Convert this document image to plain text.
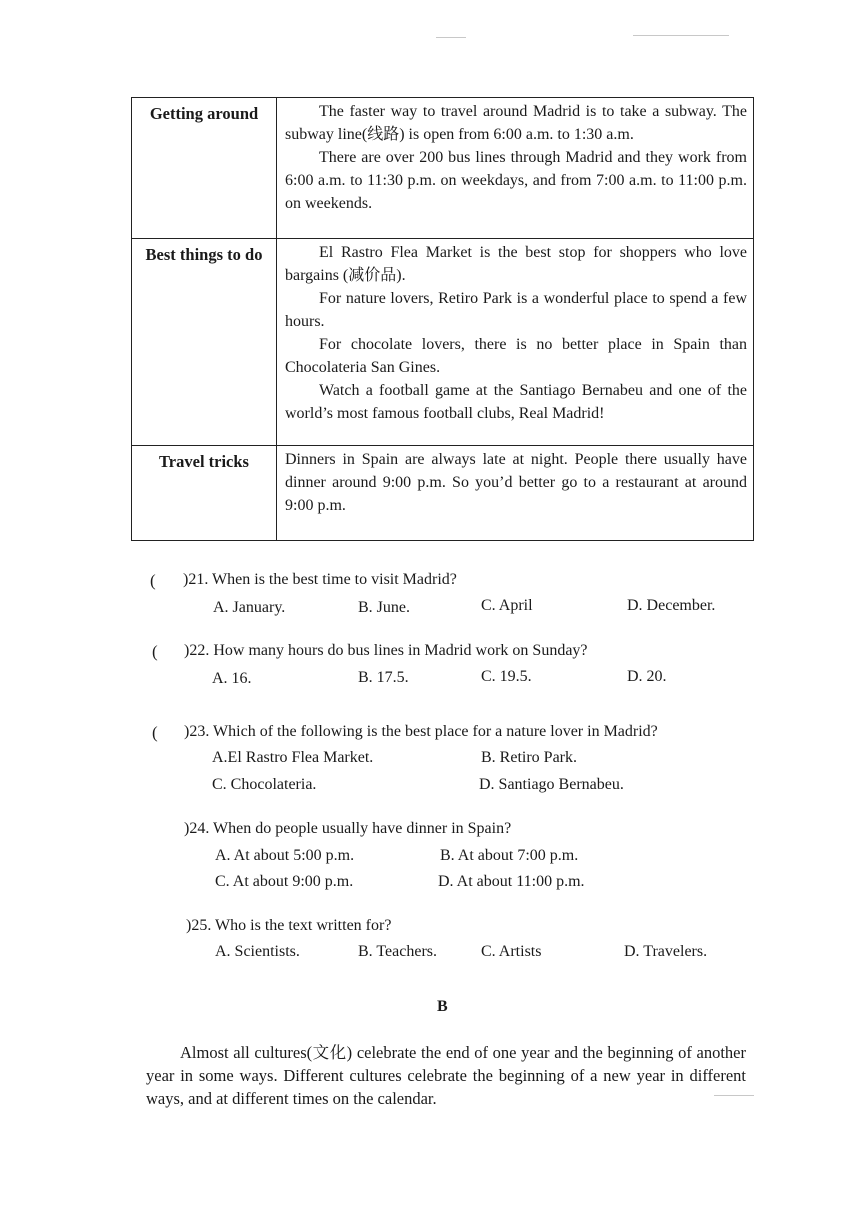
Getting around	The faster way to travel around Madrid is to take a subway. The subway line(线路) is open from 6:00 a.m. to 1:30 a.m.

There are over 200 bus lines through Madrid and they work from 6:00 a.m. to 11:30 p.m. on weekdays, and from 7:00 a.m. to 11:00 p.m. on weekends.

Best things to do	El Rastro Flea Market is the best stop for shoppers who love bargains (减价品).

For nature lovers, Retiro Park is a wonderful place to spend a few hours.

For chocolate lovers, there is no better place in Spain than Chocolateria San Gines.

Watch a football game at the Santiago Bernabeu and one of the world’s most famous football clubs, Real Madrid!

Travel tricks	Dinners in Spain are always late at night. People there usually have dinner around 9:00 p.m. So you’d better go to a restaurant at around 9:00 p.m.

( )21. When is the best time to visit Madrid?
A. January.	B. June.	C. April	D. December.
( )22. How many hours do bus lines in Madrid work on Sunday?
A. 16.	B. 17.5.	C. 19.5.	D. 20.
( )23. Which of the following is the best place for a nature lover in Madrid?
A.El Rastro Flea Market.	B. Retiro Park.
C. Chocolateria.	D. Santiago Bernabeu.
)24. When do people usually have dinner in Spain?
A. At about 5:00 p.m.	B. At about 7:00 p.m.
C. At about 9:00 p.m.	D. At about 11:00 p.m.
)25. Who is the text written for?
A. Scientists.	B. Teachers.	C. Artists	D. Travelers.
B

Almost all cultures(文化) celebrate the end of one year and the beginning of another year in some ways. Different cultures celebrate the beginning of a new year in different ways, and at different times on the calendar.
